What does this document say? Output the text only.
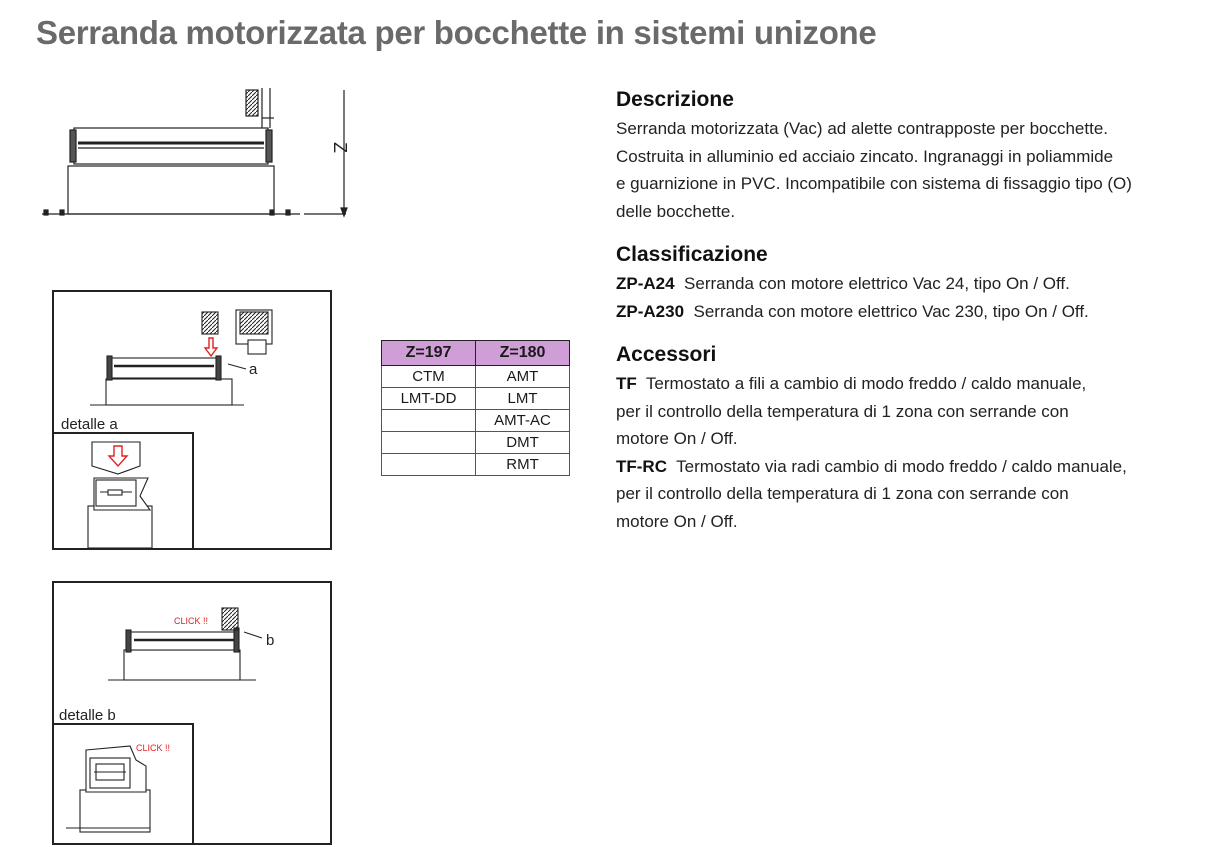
Serranda motorizzata per bocchette in sistemi unizone
Z
a
detalle a
CLICK !!
CLICK !!
b
detalle b
Z=197	Z=180
CTM	AMT
LMT-DD	LMT
	AMT-AC
	DMT
	RMT
Descrizione

Serranda motorizzata (Vac) ad alette contrapposte per bocchette.

Costruita in alluminio ed acciaio zincato. Ingranaggi in poliammide

e guarnizione in PVC. Incompatibile con sistema di fissaggio tipo (O)

delle bocchette.

Classificazione
ZP-A24 Serranda con motore elettrico Vac 24, tipo On / Off.
ZP-A230 Serranda con motore elettrico Vac 230, tipo On / Off.
Accessori
TF Termostato a fili a cambio di modo freddo / caldo manuale,
per il controllo della temperatura di 1 zona con serrande con
motore On / Off.
TF-RC Termostato via radi cambio di modo freddo / caldo manuale,
per il controllo della temperatura di 1 zona con serrande con
motore On / Off.
